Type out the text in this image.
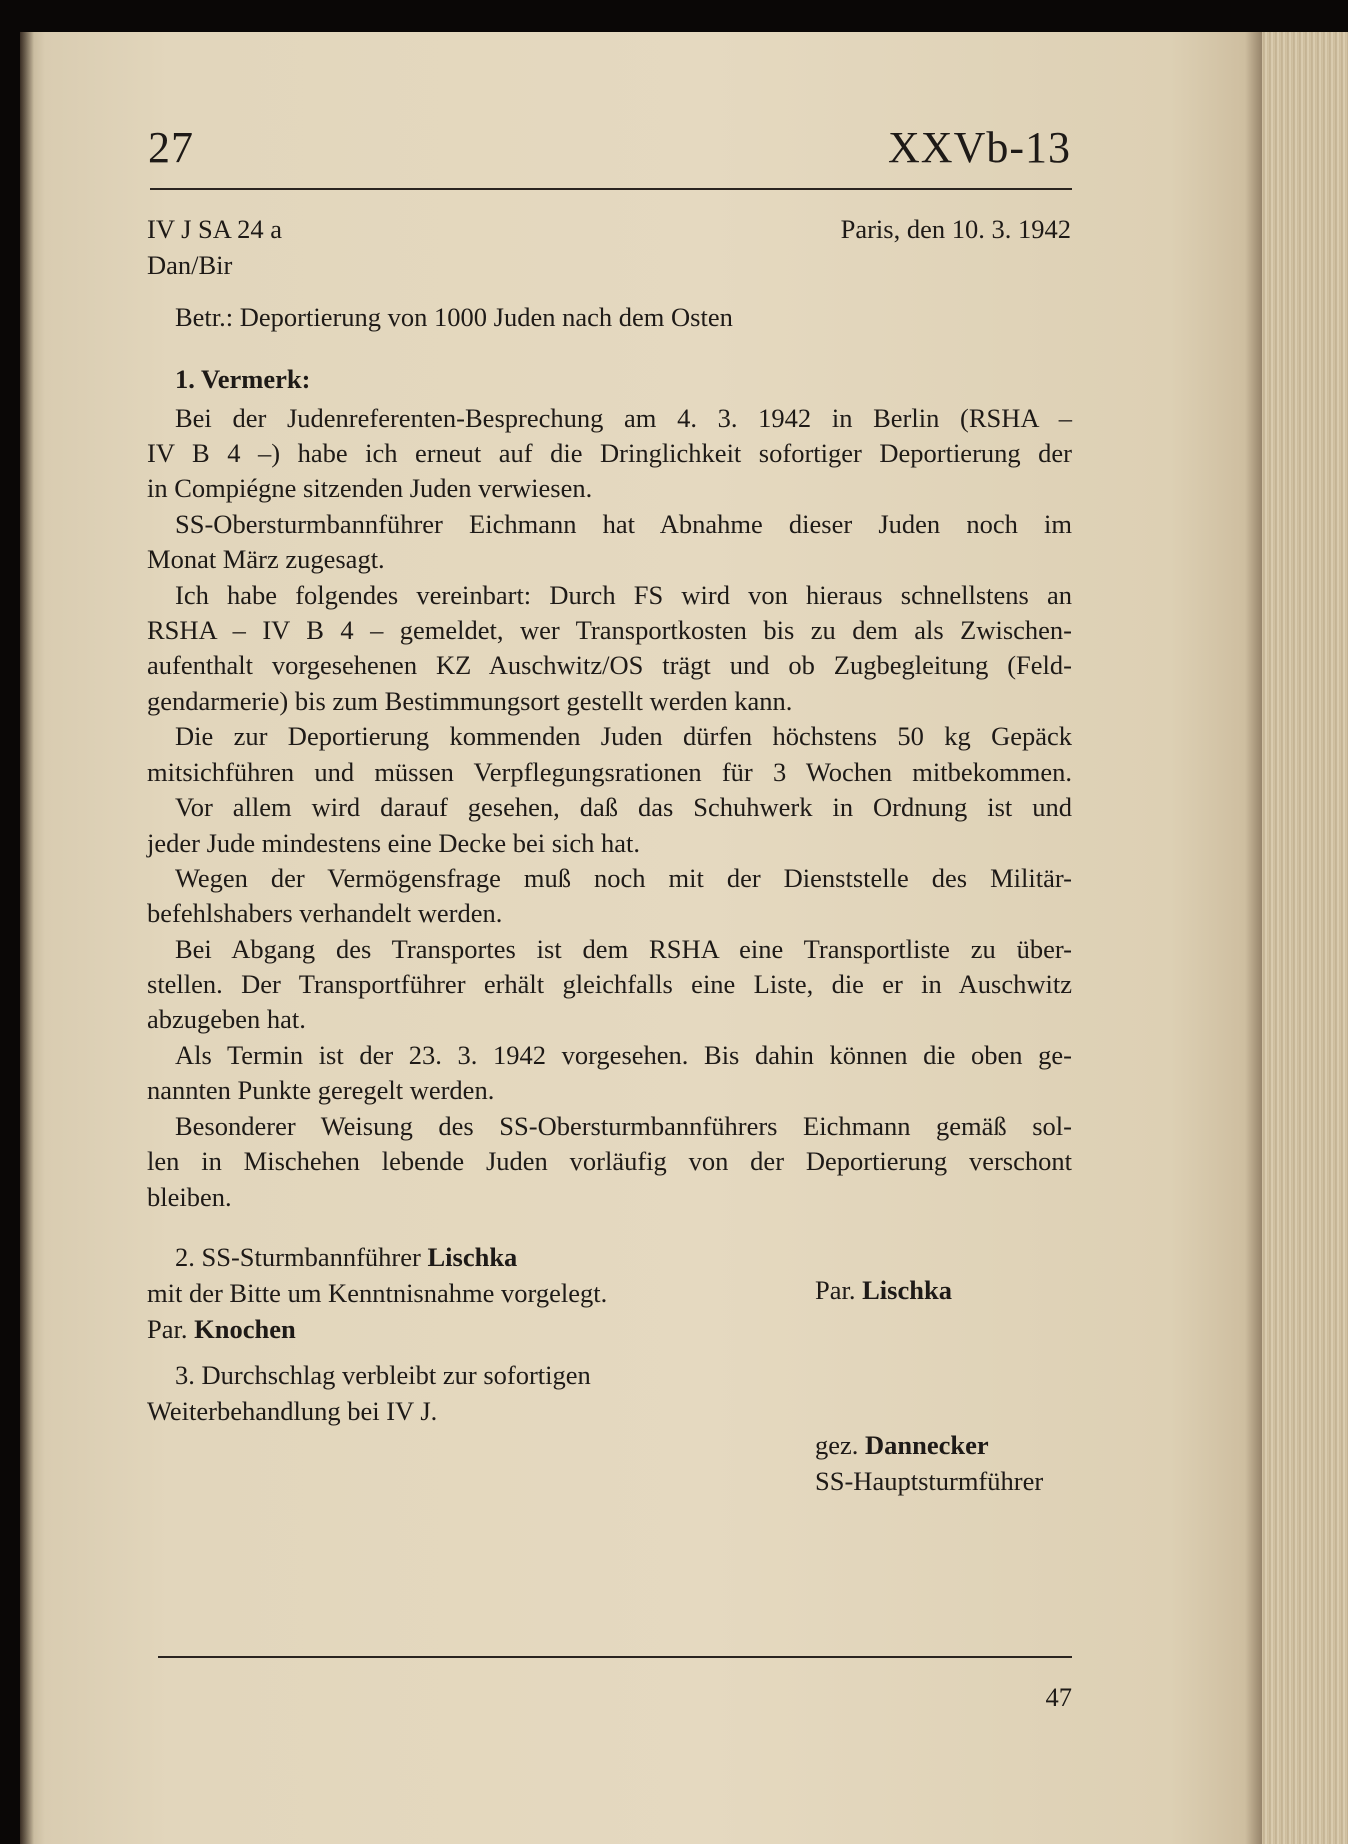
27	XXVb-13
IV J SA 24 a
Dan/Bir
Paris, den 10. 3. 1942
Betr.: Deportierung von 1000 Juden nach dem Osten
1. Vermerk:
Bei der Judenreferenten-Besprechung am 4. 3. 1942 in Berlin (RSHA –
IV B 4 –) habe ich erneut auf die Dringlichkeit sofortiger Deportierung der
in Compiégne sitzenden Juden verwiesen.
SS-Obersturmbannführer Eichmann hat Abnahme dieser Juden noch im
Monat März zugesagt.
Ich habe folgendes vereinbart: Durch FS wird von hieraus schnellstens an
RSHA – IV B 4 – gemeldet, wer Transportkosten bis zu dem als Zwischen-
aufenthalt vorgesehenen KZ Auschwitz/OS trägt und ob Zugbegleitung (Feld-
gendarmerie) bis zum Bestimmungsort gestellt werden kann.
Die zur Deportierung kommenden Juden dürfen höchstens 50 kg Gepäck
mitsichführen und müssen Verpflegungsrationen für 3 Wochen mitbekommen.
Vor allem wird darauf gesehen, daß das Schuhwerk in Ordnung ist und
jeder Jude mindestens eine Decke bei sich hat.
Wegen der Vermögensfrage muß noch mit der Dienststelle des Militär-
befehlshabers verhandelt werden.
Bei Abgang des Transportes ist dem RSHA eine Transportliste zu über-
stellen. Der Transportführer erhält gleichfalls eine Liste, die er in Auschwitz
abzugeben hat.
Als Termin ist der 23. 3. 1942 vorgesehen. Bis dahin können die oben ge-
nannten Punkte geregelt werden.
Besonderer Weisung des SS-Obersturmbannführers Eichmann gemäß sol-
len in Mischehen lebende Juden vorläufig von der Deportierung verschont
bleiben.
2. SS-Sturmbannführer Lischka
mit der Bitte um Kenntnisnahme vorgelegt.
Par. Knochen
Par. Lischka
3. Durchschlag verbleibt zur sofortigen
Weiterbehandlung bei IV J.
gez. Dannecker
SS-Hauptsturmführer
47
